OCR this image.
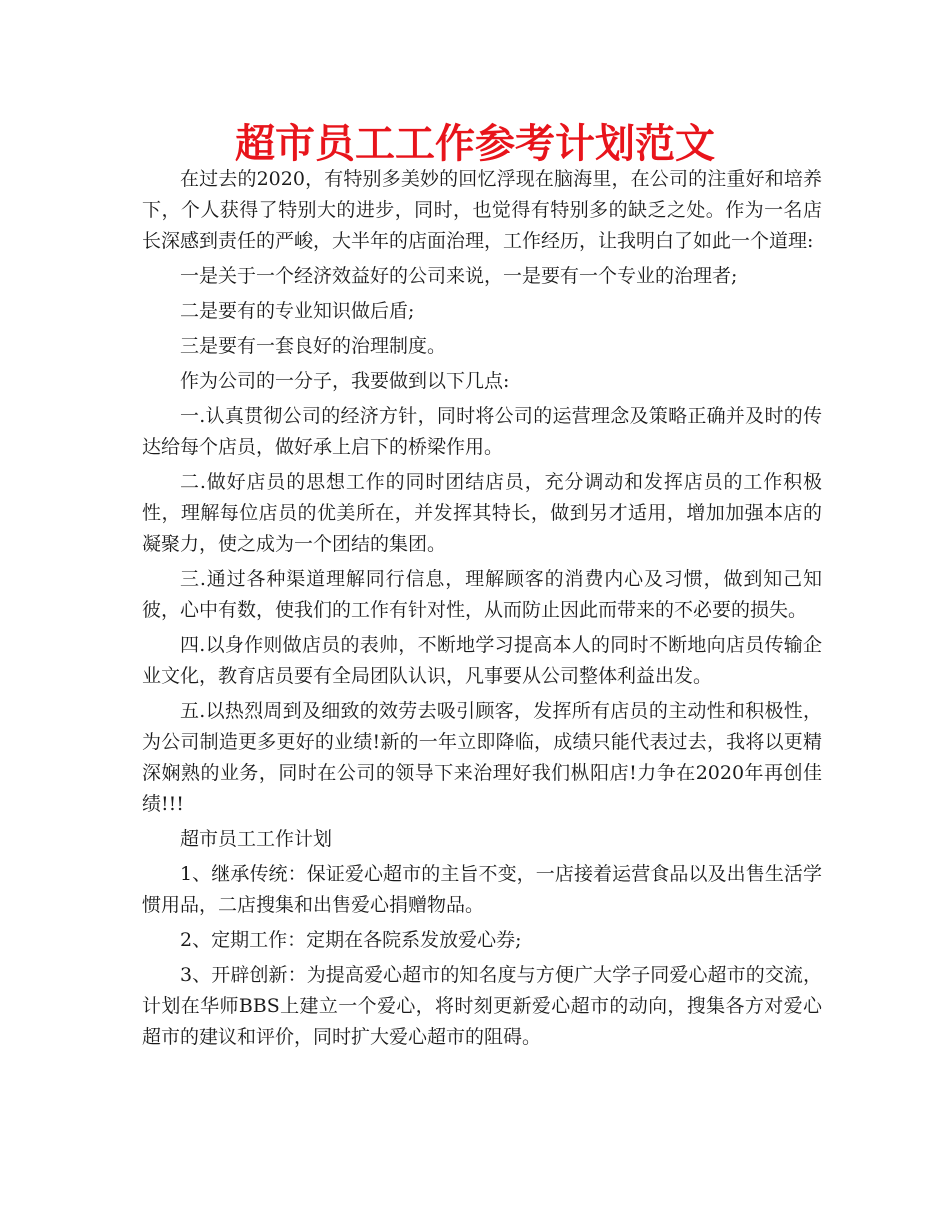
超市员工工作参考计划范文

在过去的2020，有特别多美妙的回忆浮现在脑海里，在公司的注重好和培养下，个人获得了特别大的进步，同时，也觉得有特别多的缺乏之处。作为一名店长深感到责任的严峻，大半年的店面治理，工作经历，让我明白了如此一个道理:

一是关于一个经济效益好的公司来说，一是要有一个专业的治理者;

二是要有的专业知识做后盾;

三是要有一套良好的治理制度。

作为公司的一分子，我要做到以下几点:

一.认真贯彻公司的经济方针，同时将公司的运营理念及策略正确并及时的传达给每个店员，做好承上启下的桥梁作用。

二.做好店员的思想工作的同时团结店员，充分调动和发挥店员的工作积极性，理解每位店员的优美所在，并发挥其特长，做到另才适用，增加加强本店的凝聚力，使之成为一个团结的集团。

三.通过各种渠道理解同行信息，理解顾客的消费内心及习惯，做到知己知彼，心中有数，使我们的工作有针对性，从而防止因此而带来的不必要的损失。

四.以身作则做店员的表帅，不断地学习提高本人的同时不断地向店员传输企业文化，教育店员要有全局团队认识，凡事要从公司整体利益出发。

五.以热烈周到及细致的效劳去吸引顾客，发挥所有店员的主动性和积极性，为公司制造更多更好的业绩!新的一年立即降临，成绩只能代表过去，我将以更精深娴熟的业务，同时在公司的领导下来治理好我们枞阳店!力争在2020年再创佳绩!!!

超市员工工作计划

1、继承传统：保证爱心超市的主旨不变，一店接着运营食品以及出售生活学惯用品，二店搜集和出售爱心捐赠物品。

2、定期工作：定期在各院系发放爱心券;

3、开辟创新：为提高爱心超市的知名度与方便广大学子同爱心超市的交流，计划在华师BBS上建立一个爱心，将时刻更新爱心超市的动向，搜集各方对爱心超市的建议和评价，同时扩大爱心超市的阻碍。
